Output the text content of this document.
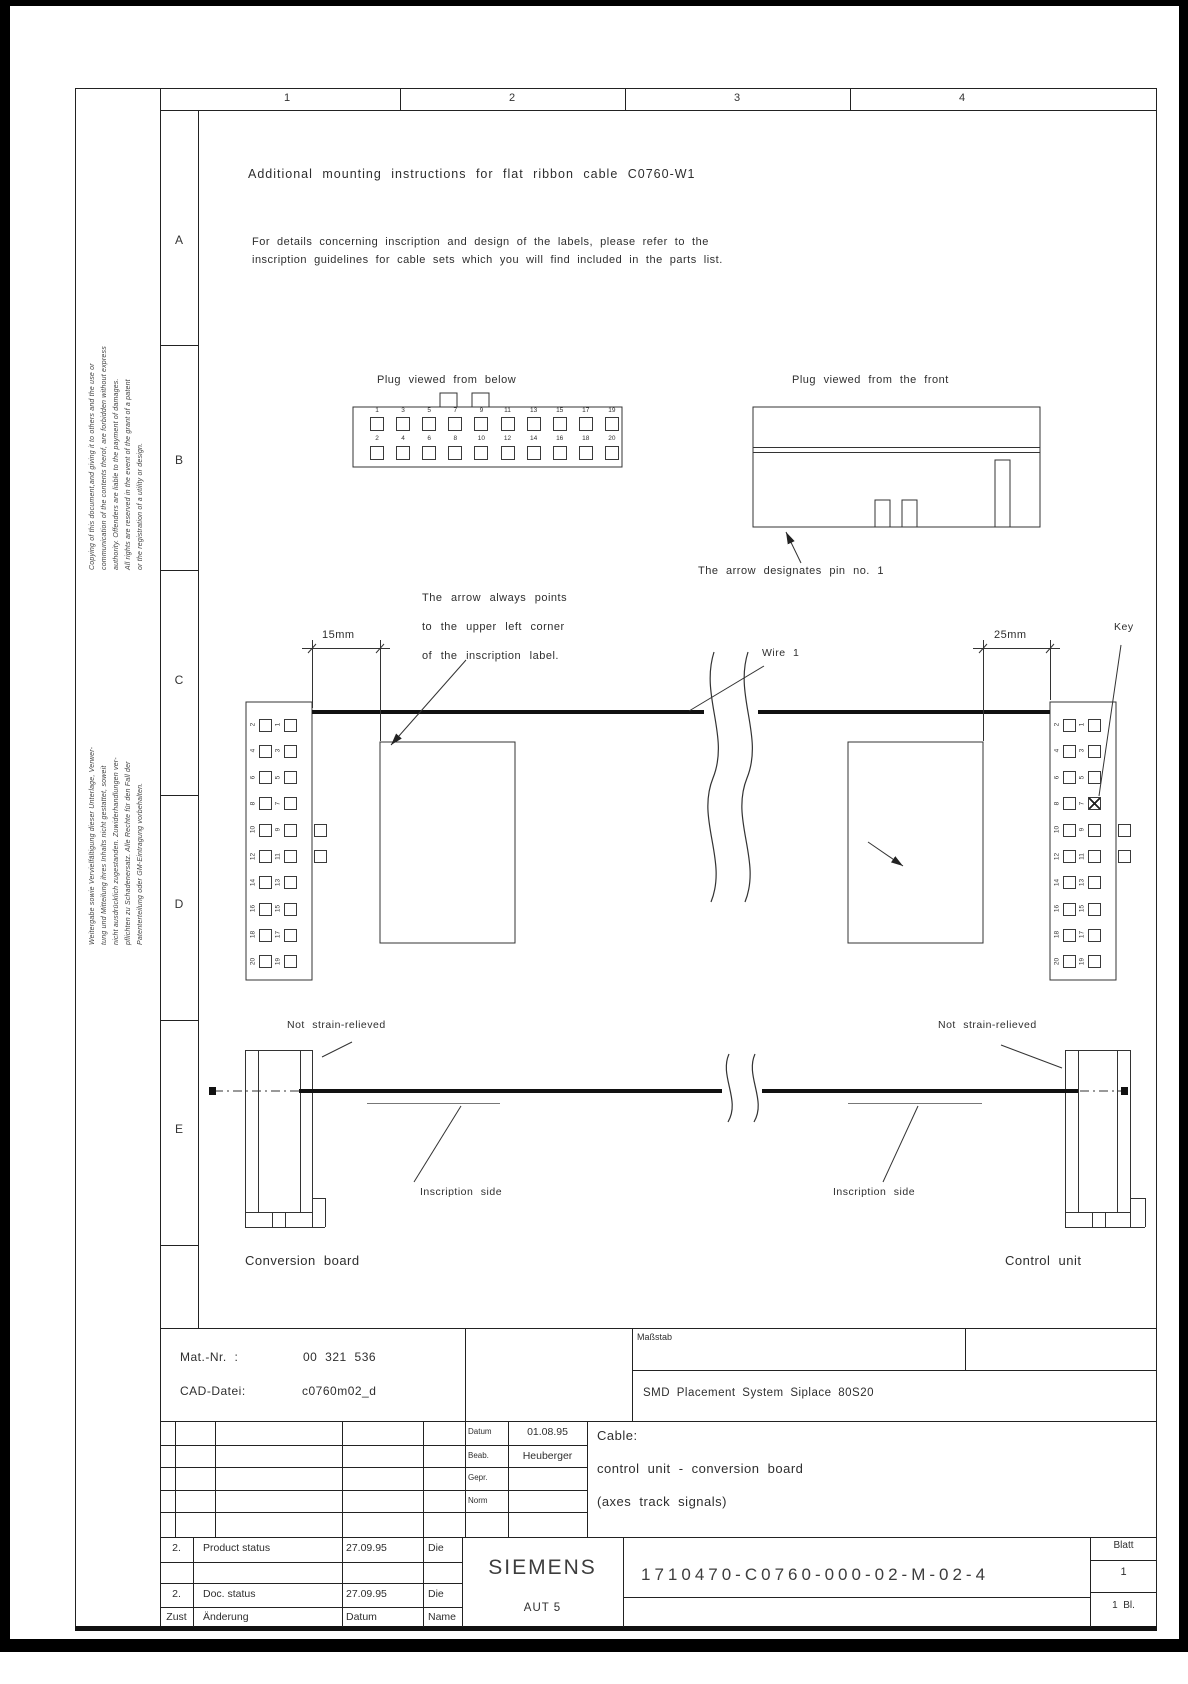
1	2	3	4
A
B
C
D
E
Copying of this document,and giving it to others and the use or communication of the contents therof, are forbidden without express authority. Offenders are liable to the payment of damages. All rights are reserved in the event of the grant of a patent or the registration of a utility or design.
Weitergabe sowie Vervielfältigung dieser Unterlage, Verwer- tung und Mitteilung ihres Inhalts nicht gestattet, soweit nicht ausdrücklich zugestanden. Zuwiderhandlungen ver- pflichten zu Schadenersatz. Alle Rechte für den Fall der Patenterteilung oder GM-Eintragung vorbehalten.
Additional mounting instructions for flat ribbon cable C0760-W1
For details concerning inscription and design of the labels, please refer to the
inscription guidelines for cable sets which you will find included in the parts list.
Plug viewed from below	Plug viewed from the front
The arrow designates pin no. 1
The arrow always points
to the upper left corner
of the inscription label.
15mm	25mm
Wire 1
Key
1
2
3
4
5
6
7
8
9
10
11
12
13
14
15
16
17
18
19
20
2	1
4	3
6	5
8	7
10	9
12	11
14	13
16	15
18	17
20	19
2	1
4	3
6	5
8	7
10	9
12	11
14	13
16	15
18	17
20	19
Not strain-relieved	Not strain-relieved
Inscription side	Inscription side
Conversion board	Control unit
Mat.-Nr. :	00 321 536
CAD-Datei:	c0760m02_d
Maßstab
SMD Placement System Siplace 80S20
Cable:
control unit - conversion board
(axes track signals)
Datum	01.08.95
Beab.	Heuberger
Gepr.
Norm
2.	Product status	27.09.95	Die
2.	Doc. status	27.09.95	Die
Zust	Änderung	Datum	Name
SIEMENS
AUT 5
1710470-C0760-000-02-M-02-4
Blatt
1
1  Bl.
